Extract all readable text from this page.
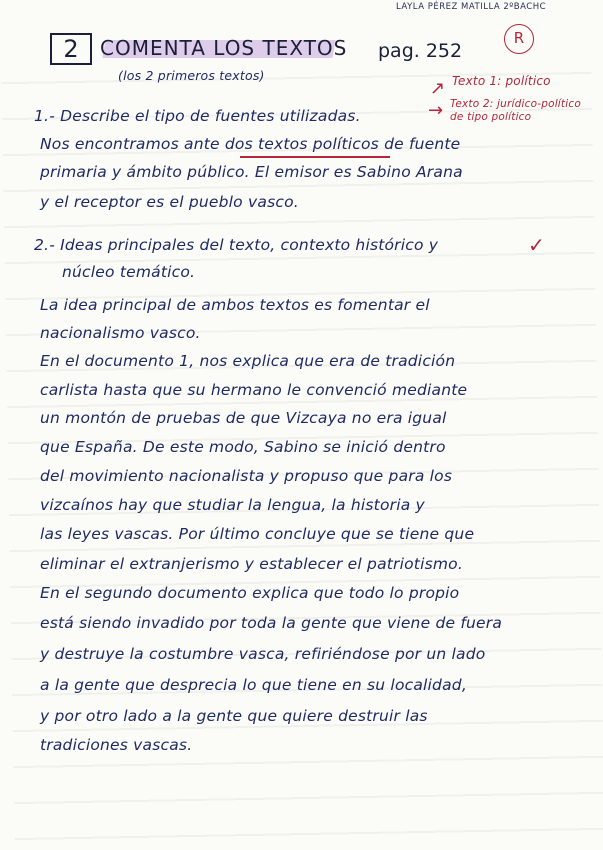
LAYLA PÉREZ MATILLA 2ºBACHC
2	COMENTA LOS TEXTOS
(los 2 primeros textos)
pag. 252
R
↗
→
Texto 1: político
Texto 2: jurídico-político de tipo político
1.- Describe el tipo de fuentes utilizadas.
Nos encontramos ante dos textos políticos de fuente
primaria y ámbito público. El emisor es Sabino Arana
y el receptor es el pueblo vasco.
2.- Ideas principales del texto, contexto histórico y	✓
núcleo temático.
La idea principal de ambos textos es fomentar el
nacionalismo vasco.
En el documento 1, nos explica que era de tradición
carlista hasta que su hermano le convenció mediante
un montón de pruebas de que Vizcaya no era igual
que España. De este modo, Sabino se inició dentro
del movimiento nacionalista y propuso que para los
vizcaínos hay que studiar la lengua, la historia y
las leyes vascas. Por último concluye que se tiene que
eliminar el extranjerismo y establecer el patriotismo.
En el segundo documento explica que todo lo propio
está siendo invadido por toda la gente que viene de fuera
y destruye la costumbre vasca, refiriéndose por un lado
a la gente que desprecia lo que tiene en su localidad,
y por otro lado a la gente que quiere destruir las
tradiciones vascas.
